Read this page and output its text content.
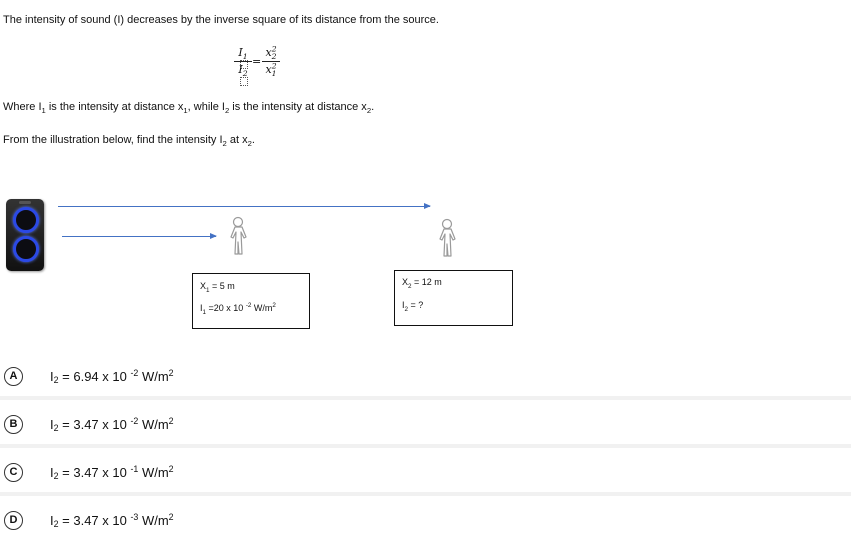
The intensity of sound (I) decreases by the inverse square of its distance from the source.
$I_1$
$I_2$
=
$x^2_2$
$x^2_1$
Where $I_1$ is the intensity at distance $x_1$, while $I_2$ is the intensity at distance $x_2$.
From the illustration below, find the intensity $I_2$ at $x_2$.
$X_1 = 5$ m
$I_1 =20$ x 10 $^{-2}$ $W/m^2$
$X_2 = 12$ m
$I_2$ = ?
A	$I_2 = 6.94$ x 10 $^{-2}$ $W/m^2$
B	$I_2 = 3.47$ x 10 $^{-2}$ $W/m^2$
C	$I_2 = 3.47$ x 10 $^{-1}$ $W/m^2$
D	$I_2 = 3.47$ x 10 $^{-3}$ $W/m^2$
